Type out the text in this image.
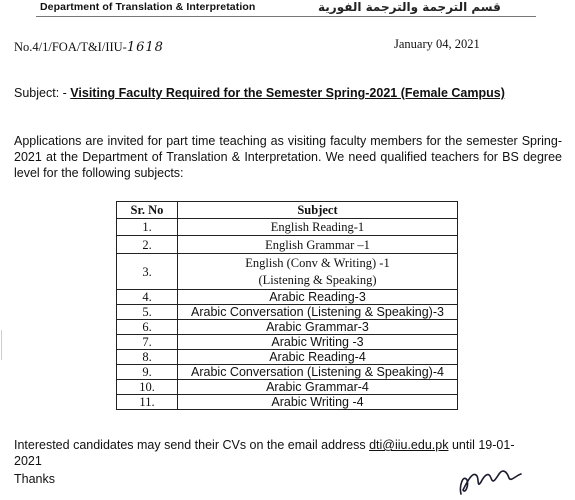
Department of Translation & Interpretation	قسم الترجمة والترجمة الفورية
No.4/1/FOA/T&I/IIU-1618	January 04, 2021
Subject: - Visiting Faculty Required for the Semester Spring-2021 (Female Campus)
Applications are invited for part time teaching as visiting faculty members for the semester Spring-2021 at the Department of Translation & Interpretation. We need qualified teachers for BS degree level for the following subjects:
Sr. No	Subject
1.	English Reading-1
2.	English Grammar –1
3.	English (Conv & Writing) -1
(Listening & Speaking)

4.	Arabic Reading-3
5.	Arabic Conversation (Listening & Speaking)-3
6.	Arabic Grammar-3
7.	Arabic Writing -3
8.	Arabic Reading-4
9.	Arabic Conversation (Listening & Speaking)-4
10.	Arabic Grammar-4
11.	Arabic Writing -4
Interested candidates may send their CVs on the email address dti@iiu.edu.pk until 19-01-2021
Thanks
